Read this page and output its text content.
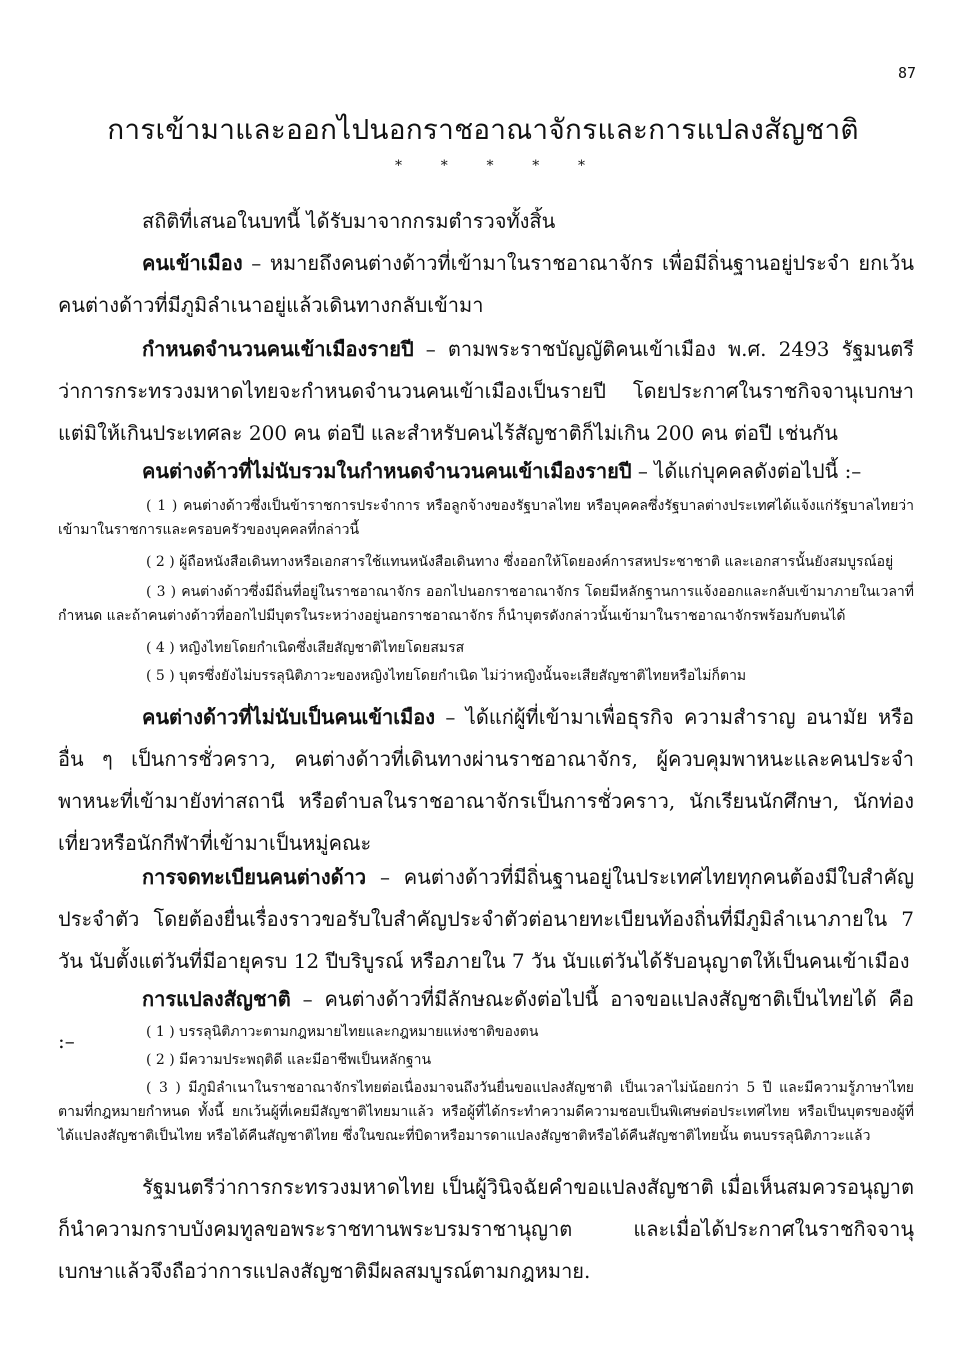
87
การเข้ามาและออกไปนอกราชอาณาจักรและการแปลงสัญชาติ
*	*	*	*	*
สถิติที่เสนอในบทนี้ ได้รับมาจากกรมตำรวจทั้งสิ้น
คนเข้าเมือง – หมายถึงคนต่างด้าวที่เข้ามาในราชอาณาจักร เพื่อมีถิ่นฐานอยู่ประจำ ยกเว้นคนต่างด้าวที่มีภูมิลำเนาอยู่แล้วเดินทางกลับเข้ามา
กำหนดจำนวนคนเข้าเมืองรายปี – ตามพระราชบัญญัติคนเข้าเมือง พ.ศ. 2493 รัฐมนตรีว่าการกระทรวงมหาดไทยจะกำหนดจำนวนคนเข้าเมืองเป็นรายปี โดยประกาศในราชกิจจานุเบกษา แต่มิให้เกินประเทศละ 200 คน ต่อปี และสำหรับคนไร้สัญชาติก็ไม่เกิน 200 คน ต่อปี เช่นกัน
คนต่างด้าวที่ไม่นับรวมในกำหนดจำนวนคนเข้าเมืองรายปี – ได้แก่บุคคลดังต่อไปนี้ :–
( 1 ) คนต่างด้าวซึ่งเป็นข้าราชการประจำการ หรือลูกจ้างของรัฐบาลไทย หรือบุคคลซึ่งรัฐบาลต่างประเทศได้แจ้งแก่รัฐบาลไทยว่า เข้ามาในราชการและครอบครัวของบุคคลที่กล่าวนี้
( 2 ) ผู้ถือหนังสือเดินทางหรือเอกสารใช้แทนหนังสือเดินทาง ซึ่งออกให้โดยองค์การสหประชาชาติ และเอกสารนั้นยังสมบูรณ์อยู่
( 3 ) คนต่างด้าวซึ่งมีถิ่นที่อยู่ในราชอาณาจักร ออกไปนอกราชอาณาจักร โดยมีหลักฐานการแจ้งออกและกลับเข้ามาภายในเวลาที่กำหนด และถ้าคนต่างด้าวที่ออกไปมีบุตรในระหว่างอยู่นอกราชอาณาจักร ก็นำบุตรดังกล่าวนั้นเข้ามาในราชอาณาจักรพร้อมกับตนได้
( 4 ) หญิงไทยโดยกำเนิดซึ่งเสียสัญชาติไทยโดยสมรส
( 5 ) บุตรซึ่งยังไม่บรรลุนิติภาวะของหญิงไทยโดยกำเนิด ไม่ว่าหญิงนั้นจะเสียสัญชาติไทยหรือไม่ก็ตาม
คนต่างด้าวที่ไม่นับเป็นคนเข้าเมือง – ได้แก่ผู้ที่เข้ามาเพื่อธุรกิจ ความสำราญ อนามัย หรืออื่น ๆ เป็นการชั่วคราว, คนต่างด้าวที่เดินทางผ่านราชอาณาจักร, ผู้ควบคุมพาหนะและคนประจำพาหนะที่เข้ามายังท่าสถานี หรือตำบลในราชอาณาจักรเป็นการชั่วคราว, นักเรียนนักศึกษา, นักท่องเที่ยวหรือนักกีฬาที่เข้ามาเป็นหมู่คณะ
การจดทะเบียนคนต่างด้าว – คนต่างด้าวที่มีถิ่นฐานอยู่ในประเทศไทยทุกคนต้องมีใบสำคัญประจำตัว โดยต้องยื่นเรื่องราวขอรับใบสำคัญประจำตัวต่อนายทะเบียนท้องถิ่นที่มีภูมิลำเนาภายใน 7 วัน นับตั้งแต่วันที่มีอายุครบ 12 ปีบริบูรณ์ หรือภายใน 7 วัน นับแต่วันได้รับอนุญาตให้เป็นคนเข้าเมือง
การแปลงสัญชาติ – คนต่างด้าวที่มีลักษณะดังต่อไปนี้ อาจขอแปลงสัญชาติเป็นไทยได้ คือ :–	( 1 ) บรรลุนิติภาวะตามกฎหมายไทยและกฎหมายแห่งชาติของตน
( 2 ) มีความประพฤติดี และมีอาชีพเป็นหลักฐาน
( 3 ) มีภูมิลำเนาในราชอาณาจักรไทยต่อเนื่องมาจนถึงวันยื่นขอแปลงสัญชาติ เป็นเวลาไม่น้อยกว่า 5 ปี และมีความรู้ภาษาไทยตามที่กฎหมายกำหนด ทั้งนี้ ยกเว้นผู้ที่เคยมีสัญชาติไทยมาแล้ว หรือผู้ที่ได้กระทำความดีความชอบเป็นพิเศษต่อประเทศไทย หรือเป็นบุตรของผู้ที่ได้แปลงสัญชาติเป็นไทย หรือได้คืนสัญชาติไทย ซึ่งในขณะที่บิดาหรือมารดาแปลงสัญชาติหรือได้คืนสัญชาติไทยนั้น ตนบรรลุนิติภาวะแล้ว
รัฐมนตรีว่าการกระทรวงมหาดไทย เป็นผู้วินิจฉัยคำขอแปลงสัญชาติ เมื่อเห็นสมควรอนุญาตก็นำความกราบบังคมทูลขอพระราชทานพระบรมราชานุญาต และเมื่อได้ประกาศในราชกิจจานุเบกษาแล้วจึงถือว่าการแปลงสัญชาติมีผลสมบูรณ์ตามกฎหมาย.
